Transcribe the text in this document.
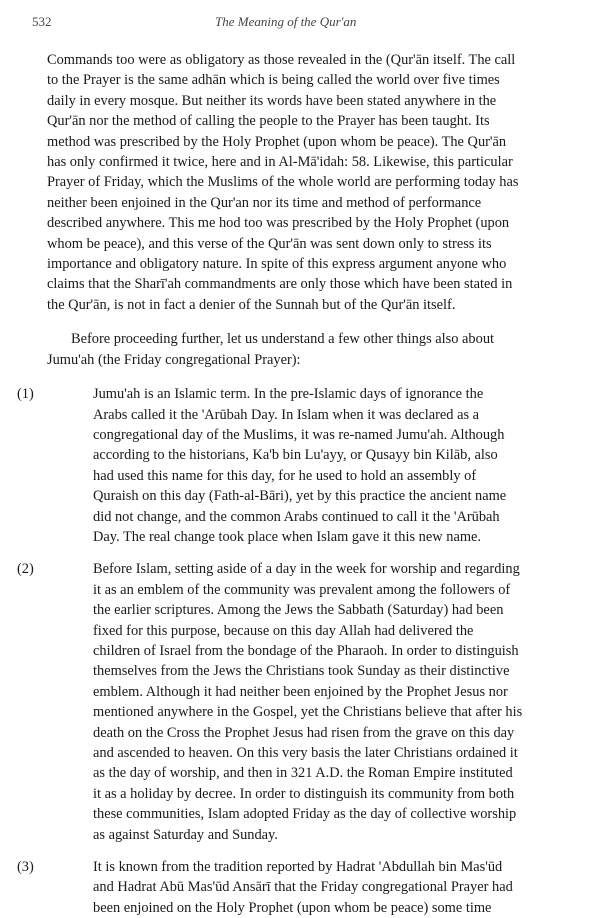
532	The Meaning of the Qur'an
Commands too were as obligatory as those revealed in the (Qur'ān itself. The call
to the Prayer is the same adhān which is being called the world over five times
daily in every mosque. But neither its words have been stated anywhere in the
Qur'ān nor the method of calling the people to the Prayer has been taught. Its
method was prescribed by the Holy Prophet (upon whom be peace). The Qur'ān
has only confirmed it twice, here and in Al-Mā'idah: 58. Likewise, this particular
Prayer of Friday, which the Muslims of the whole world are performing today has
neither been enjoined in the Qur'an nor its time and method of performance
described anywhere. This me hod too was prescribed by the Holy Prophet (upon
whom be peace), and this verse of the Qur'ān was sent down only to stress its
importance and obligatory nature. In spite of this express argument anyone who
claims that the Sharī'ah commandments are only those which have been stated in
the Qur'ān, is not in fact a denier of the Sunnah but of the Qur'ān itself.
Before proceeding further, let us understand a few other things also about
Jumu'ah (the Friday congregational Prayer):
(1)	Jumu'ah is an Islamic term. In the pre-Islamic days of ignorance the
Arabs called it the 'Arūbah Day. In Islam when it was declared as a
congregational day of the Muslims, it was re-named Jumu'ah. Although
according to the historians, Ka'b bin Lu'ayy, or Qusayy bin Kilāb, also
had used this name for this day, for he used to hold an assembly of
Quraish on this day (Fath-al-Bāri), yet by this practice the ancient name
did not change, and the common Arabs continued to call it the 'Arūbah
Day. The real change took place when Islam gave it this new name.
(2)	Before Islam, setting aside of a day in the week for worship and regarding
it as an emblem of the community was prevalent among the followers of
the earlier scriptures. Among the Jews the Sabbath (Saturday) had been
fixed for this purpose, because on this day Allah had delivered the
children of Israel from the bondage of the Pharaoh. In order to distinguish
themselves from the Jews the Christians took Sunday as their distinctive
emblem. Although it had neither been enjoined by the Prophet Jesus nor
mentioned anywhere in the Gospel, yet the Christians believe that after his
death on the Cross the Prophet Jesus had risen from the grave on this day
and ascended to heaven. On this very basis the later Christians ordained it
as the day of worship, and then in 321 A.D. the Roman Empire instituted
it as a holiday by decree. In order to distinguish its community from both
these communities, Islam adopted Friday as the day of collective worship
as against Saturday and Sunday.
(3)	It is known from the tradition reported by Hadrat 'Abdullah bin Mas'ūd
and Hadrat Abū Mas'ūd Ansārī that the Friday congregational Prayer had
been enjoined on the Holy Prophet (upon whom be peace) some time
